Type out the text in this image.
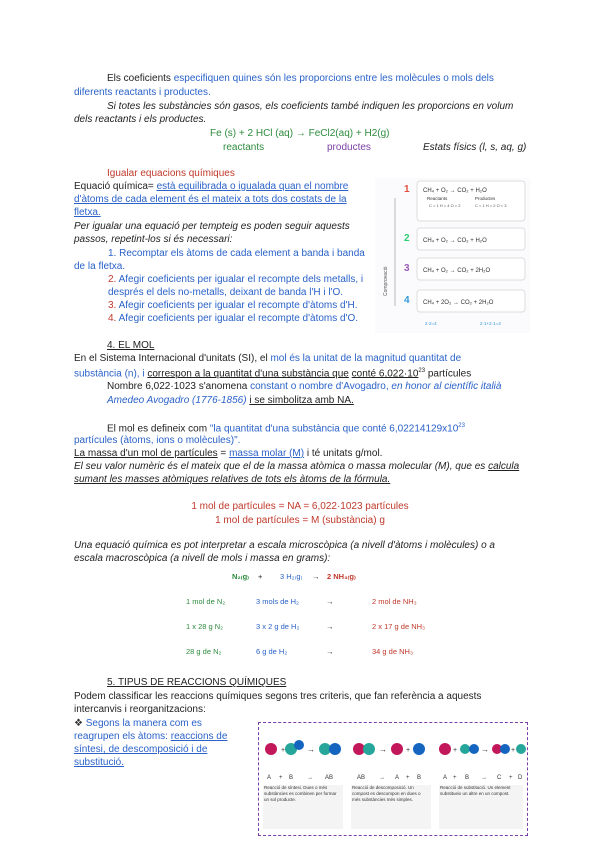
Els coeficients especifiquen quines són les proporcions entre les molècules o mols dels
diferents reactants i productes.
Si totes les substàncies són gasos, els coeficients també indiquen les proporcions en volum
dels reactants i els productes.
Fe (s) + 2 HCl (aq) → FeCl2(aq) + H2(g)
reactants	productes	Estats físics (l, s, aq, g)
Igualar equacions químiques
Equació química= està equilibrada o igualada quan el nombre
d'àtoms de cada element és el mateix a tots dos costats de la
fletxa.
Per igualar una equació per tempteig es poden seguir aquests
passos, repetint-los si és necessari:
1. Recomptar els àtoms de cada element a banda i banda
de la fletxa.
2. Afegir coeficients per igualar el recompte dels metalls, i
després el dels no-metalls, deixant de banda l'H i l'O.
3. Afegir coeficients per igualar el recompte d'àtoms d'H.
4. Afegir coeficients per igualar el recompte d'àtoms d'O.
Comprovació
1
2
3
4
CH₄ + O₂ → CO₂ + H₂O
Reactants	Productes
C = 1 H = 4 O = 2	C = 1 H = 2 O = 3
CH₄ + O₂ → CO₂ + H₂O
CH₄ + O₂ → CO₂ + 2H₂O
CH₄ + 2O₂ → CO₂ + 2H₂O
2·2=4	2·1+2·1=4
4. EL MOL
En el Sistema Internacional d'unitats (SI), el mol és la unitat de la magnitud quantitat de
substància (n), i correspon a la quantitat d'una substància que conté $6,022\cdot 10^{23}$ partícules
Nombre 6,022·1023 s'anomena constant o nombre d'Avogadro, en honor al científic italià
Amedeo Avogadro (1776-1856) i se simbolitza amb NA.
El mol es defineix com "la quantitat d'una substància que conté $6,02214129x10^{23}$
partícules (àtoms, ions o molècules)".
La massa d'un mol de partícules = massa molar (M) i té unitats g/mol.
El seu valor numèric és el mateix que el de la massa atòmica o massa molecular (M), que es calcula
sumant les masses atòmiques relatives de tots els àtoms de la fórmula.
1 mol de partícules = NA = 6,022·1023 partícules
1 mol de partícules = M (substància) g
Una equació química es pot interpretar a escala microscòpica (a nivell d'àtoms i molècules) o a
escala macroscòpica (a nivell de mols i massa en grams):
N₂₍g₎ + 3 H₂₍g₎ → 2 NH₃₍g₎
1 mol de N₂	3 mols de H₂	→	2 mol de NH₃
1 x 28 g N₂	3 x 2 g de H₂	→	2 x 17 g de NH₃
28 g de N₂	6 g de H₂	→	34 g de NH₃
5. TIPUS DE REACCIONS QUÍMIQUES
Podem classificar les reaccions químiques segons tres criteris, que fan referència a aquests
intercanvis i reorganitzacions:
❖ Segons la manera com es
reagrupen els àtoms: reaccions de
síntesi, de descomposició i de
substitució.
+	→
A + B → AB
Reacció de síntesi. Dues o més substàncies es combinen per formar un sol producte.
→	+
AB → A + B
Reacció de descomposició. Un compost es descompon en dues o més substàncies més simples.
+	→	+
A + B → C + D
Reacció de substitució. Un element substitueix un altre en un compost.
